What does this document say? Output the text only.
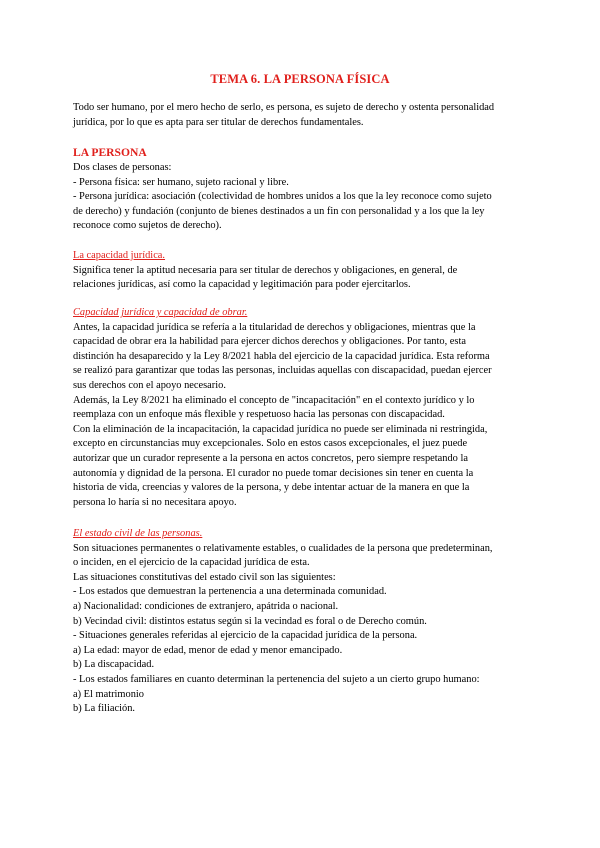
TEMA 6. LA PERSONA FÍSICA
Todo ser humano, por el mero hecho de serlo, es persona, es sujeto de derecho y ostenta personalidad
jurídica, por lo que es apta para ser titular de derechos fundamentales.
LA PERSONA
Dos clases de personas:
- Persona física: ser humano, sujeto racional y libre.
- Persona jurídica: asociación (colectividad de hombres unidos a los que la ley reconoce como sujeto
de derecho) y fundación (conjunto de bienes destinados a un fin con personalidad y a los que la ley
reconoce como sujetos de derecho).
La capacidad jurídica.
Significa tener la aptitud necesaria para ser titular de derechos y obligaciones, en general, de
relaciones jurídicas, así como la capacidad y legitimación para poder ejercitarlos.
Capacidad jurídica y capacidad de obrar.
Antes, la capacidad jurídica se refería a la titularidad de derechos y obligaciones, mientras que la
capacidad de obrar era la habilidad para ejercer dichos derechos y obligaciones. Por tanto, esta
distinción ha desaparecido y la Ley 8/2021 habla del ejercicio de la capacidad jurídica. Esta reforma
se realizó para garantizar que todas las personas, incluidas aquellas con discapacidad, puedan ejercer
sus derechos con el apoyo necesario.
Además, la Ley 8/2021 ha eliminado el concepto de "incapacitación" en el contexto jurídico y lo
reemplaza con un enfoque más flexible y respetuoso hacia las personas con discapacidad.
Con la eliminación de la incapacitación, la capacidad jurídica no puede ser eliminada ni restringida,
excepto en circunstancias muy excepcionales. Solo en estos casos excepcionales, el juez puede
autorizar que un curador represente a la persona en actos concretos, pero siempre respetando la
autonomía y dignidad de la persona. El curador no puede tomar decisiones sin tener en cuenta la
historia de vida, creencias y valores de la persona, y debe intentar actuar de la manera en que la
persona lo haría si no necesitara apoyo.
El estado civil de las personas.
Son situaciones permanentes o relativamente estables, o cualidades de la persona que predeterminan,
o inciden, en el ejercicio de la capacidad jurídica de esta.
Las situaciones constitutivas del estado civil son las siguientes:
- Los estados que demuestran la pertenencia a una determinada comunidad.
a) Nacionalidad: condiciones de extranjero, apátrida o nacional.
b) Vecindad civil: distintos estatus según si la vecindad es foral o de Derecho común.
- Situaciones generales referidas al ejercicio de la capacidad jurídica de la persona.
a) La edad: mayor de edad, menor de edad y menor emancipado.
b) La discapacidad.
- Los estados familiares en cuanto determinan la pertenencia del sujeto a un cierto grupo humano:
a) El matrimonio
b) La filiación.
